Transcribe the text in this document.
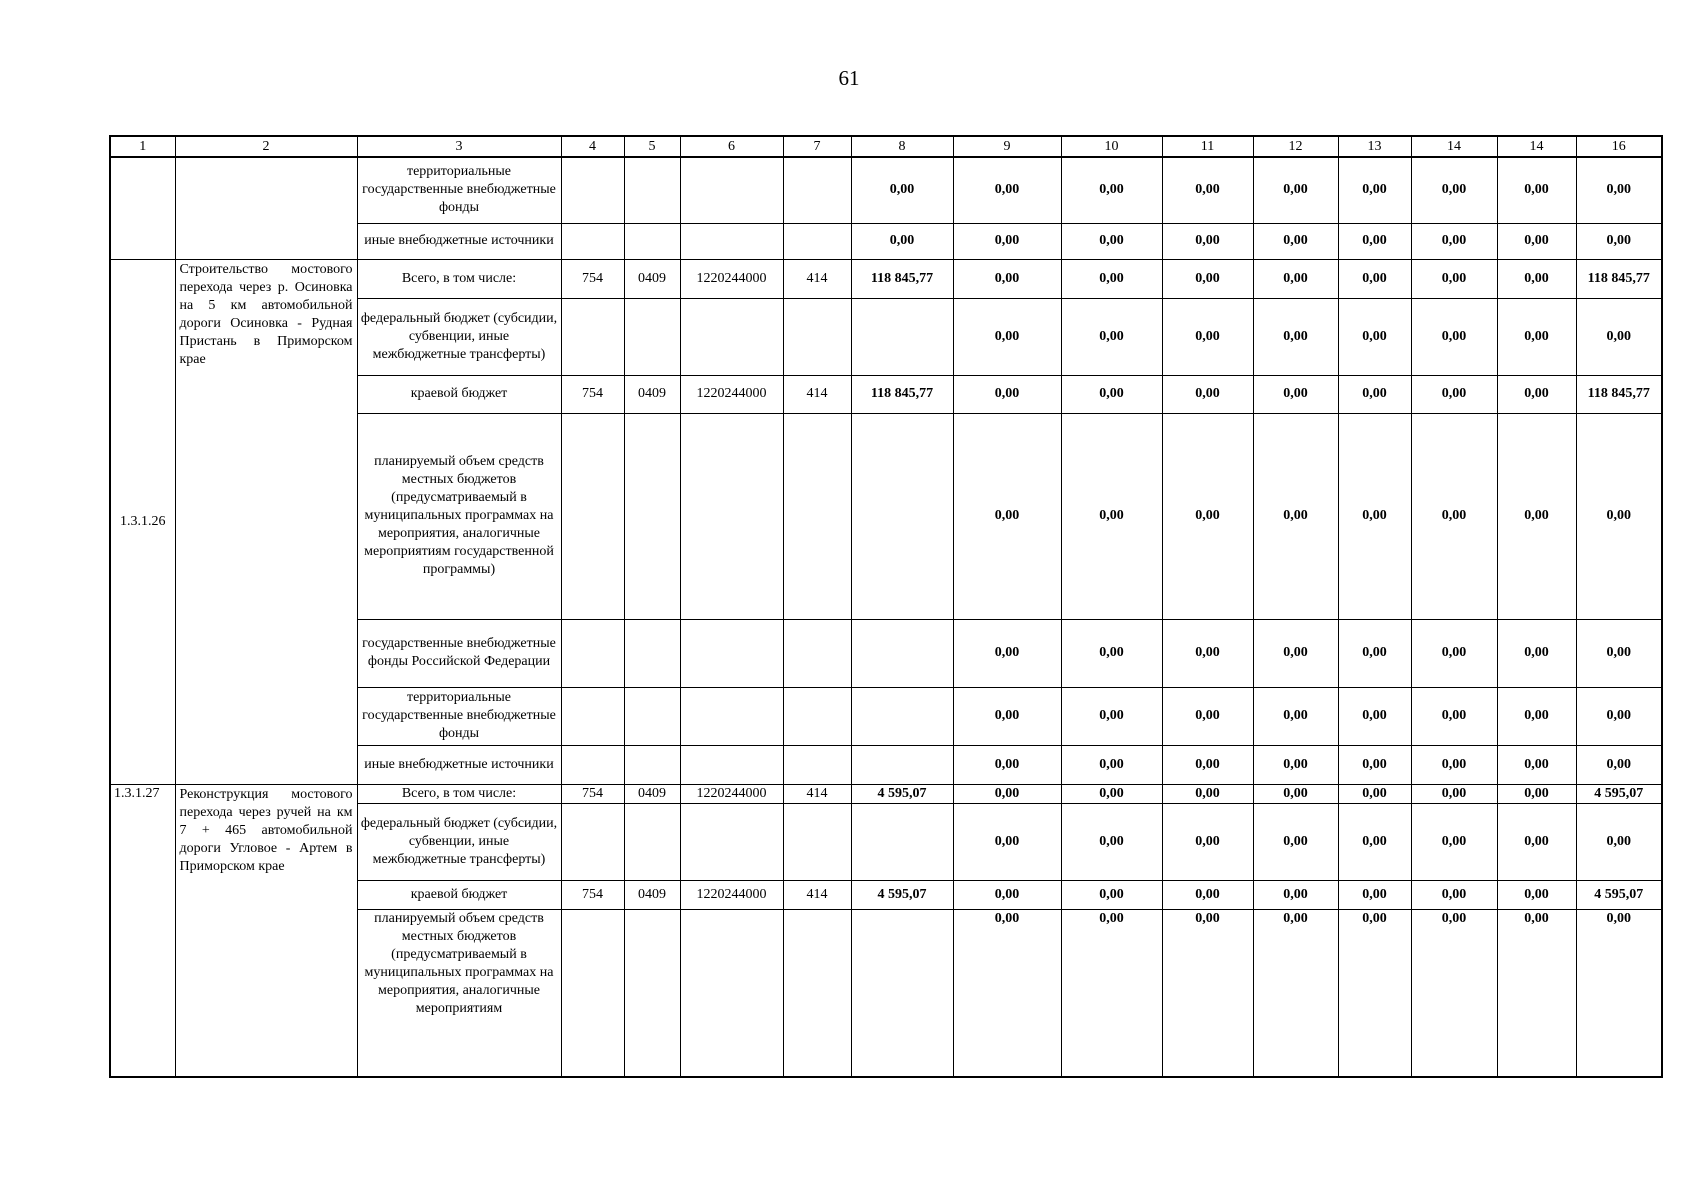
61
1	2	3	4	5	6	7	8	9	10	11	12	13	14	14	16
		территориальные государственные внебюджетные фонды					0,00	0,00	0,00	0,00	0,00	0,00	0,00	0,00	0,00
		иные внебюджетные источники					0,00	0,00	0,00	0,00	0,00	0,00	0,00	0,00	0,00
1.3.1.26	Строительство мостового перехода через р. Осиновка на 5 км автомобильной дороги Осиновка - Рудная Пристань в Приморском крае	Всего, в том числе:	754	0409	1220244000	414	118 845,77	0,00	0,00	0,00	0,00	0,00	0,00	0,00	118 845,77
		федеральный бюджет (субсидии, субвенции, иные межбюджетные трансферты)						0,00	0,00	0,00	0,00	0,00	0,00	0,00	0,00
		краевой бюджет	754	0409	1220244000	414	118 845,77	0,00	0,00	0,00	0,00	0,00	0,00	0,00	118 845,77
		планируемый объем средств местных бюджетов (предусматриваемый в муниципальных программах на мероприятия, аналогичные мероприятиям государственной программы)						0,00	0,00	0,00	0,00	0,00	0,00	0,00	0,00
		государственные внебюджетные фонды Российской Федерации						0,00	0,00	0,00	0,00	0,00	0,00	0,00	0,00
		территориальные государственные внебюджетные фонды						0,00	0,00	0,00	0,00	0,00	0,00	0,00	0,00
		иные внебюджетные источники						0,00	0,00	0,00	0,00	0,00	0,00	0,00	0,00
1.3.1.27	Реконструкция мостового перехода через ручей на км 7 + 465 автомобильной дороги Угловое - Артем в Приморском крае	Всего, в том числе:	754	0409	1220244000	414	4 595,07	0,00	0,00	0,00	0,00	0,00	0,00	0,00	4 595,07
		федеральный бюджет (субсидии, субвенции, иные межбюджетные трансферты)						0,00	0,00	0,00	0,00	0,00	0,00	0,00	0,00
		краевой бюджет	754	0409	1220244000	414	4 595,07	0,00	0,00	0,00	0,00	0,00	0,00	0,00	4 595,07
		планируемый объем средств местных бюджетов (предусматриваемый в муниципальных программах на мероприятия, аналогичные мероприятиям						0,00	0,00	0,00	0,00	0,00	0,00	0,00	0,00
